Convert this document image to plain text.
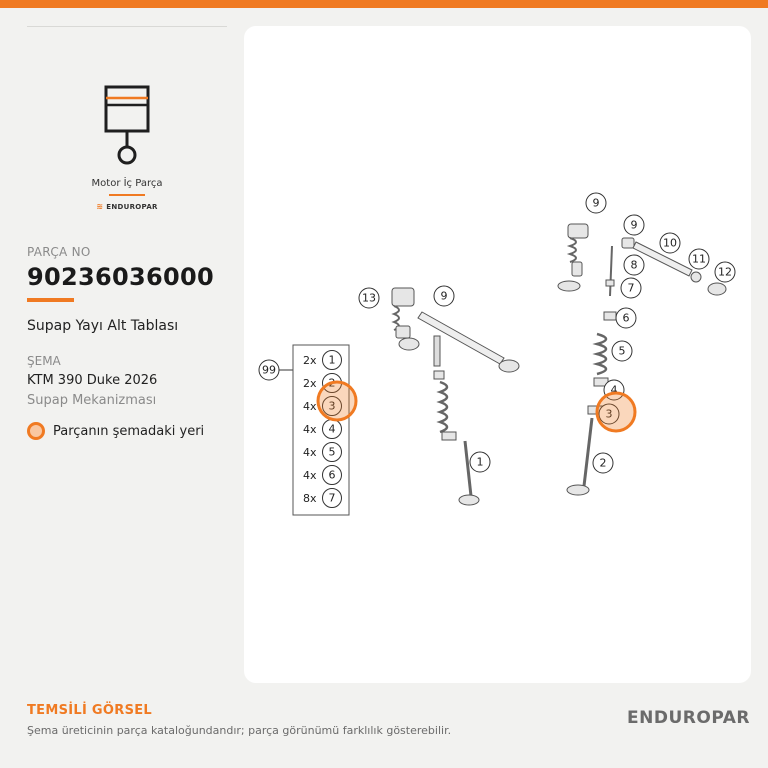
Motor İç Parça
≋ ENDUROPAR
PARÇA NO
90236036000
Supap Yayı Alt Tablası
ŞEMA
KTM 390 Duke 2026
Supap Mekanizması
Parçanın şemadaki yeri
99
2x 1
2x 2
4x 3
4x 4
4x 5
4x 6
8x 7
13	9
1
9
9
10
11
12
8
7
6
5
4
3
2
TEMSİLİ GÖRSEL
Şema üreticinin parça kataloğundandır; parça görünümü farklılık gösterebilir.
ENDUROPAR
